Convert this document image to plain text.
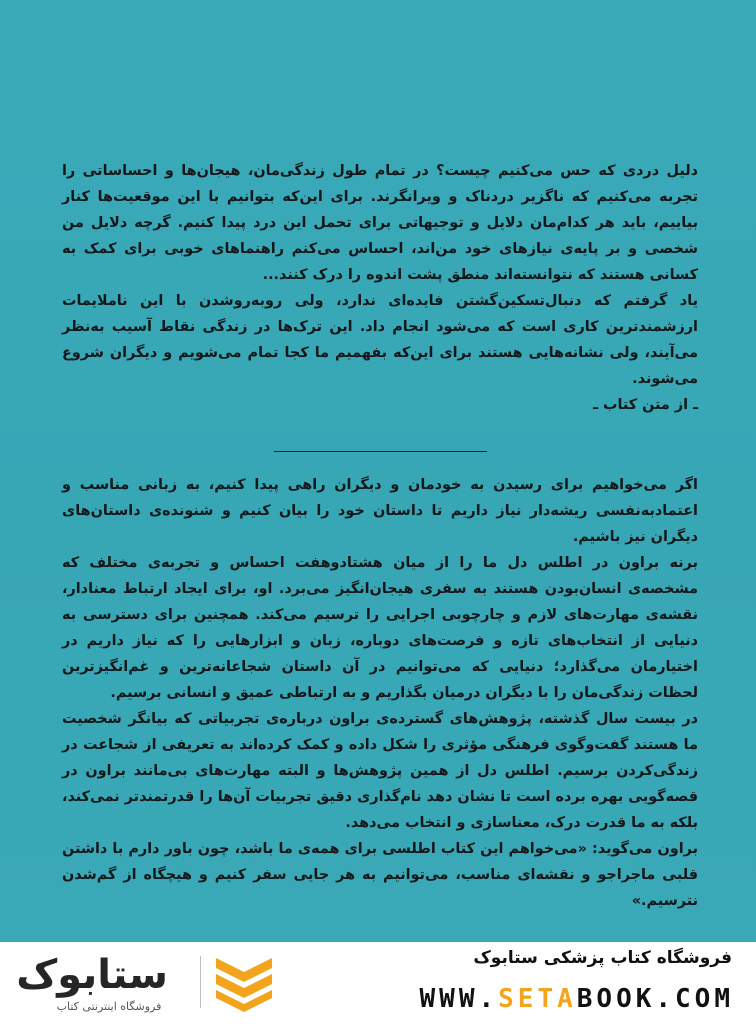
دلیل دردی که حس می‌کنیم چیست؟ در تمام طول زندگی‌مان، هیجان‌ها و احساساتی را تجربه می‌کنیم که ناگزیر دردناک و ویرانگرند. برای این‌که بتوانیم با این موقعیت‌ها کنار بیاییم، باید هر کدام‌مان دلایل و توجیهاتی برای تحمل این درد پیدا کنیم. گرچه دلایل من شخصی و بر پایه‌ی نیازهای خود من‌اند، احساس می‌کنم راهنماهای خوبی برای کمک به کسانی هستند که نتوانسته‌اند منطق پشت اندوه را درک کنند...

یاد گرفتم که دنبال‌تسکین‌گشتن فایده‌ای ندارد، ولی روبه‌روشدن با این ناملایمات ارزشمندترین کاری است که می‌شود انجام داد. این ترک‌ها در زندگی نقاط آسیب به‌نظر می‌آیند، ولی نشانه‌هایی هستند برای این‌که بفهمیم ما کجا تمام می‌شویم و دیگران شروع می‌شوند.

ـ از متن کتاب ـ

اگر می‌خواهیم برای رسیدن به خودمان و دیگران راهی پیدا کنیم، به زبانی مناسب و اعتمادبه‌نفسی ریشه‌دار نیاز داریم تا داستان خود را بیان کنیم و شنونده‌ی داستان‌های دیگران نیز باشیم.

برنه براون در اطلس دل ما را از میان هشتادوهفت احساس و تجربه‌ی مختلف که مشخصه‌ی انسان‌بودن هستند به سفری هیجان‌انگیز می‌برد. او، برای ایجاد ارتباط معنادار، نقشه‌ی مهارت‌های لازم و چارچوبی اجرایی را ترسیم می‌کند. همچنین برای دسترسی به دنیایی از انتخاب‌های تازه و فرصت‌های دوباره، زبان و ابزارهایی را که نیاز داریم در اختیارمان می‌گذارد؛ دنیایی که می‌توانیم در آن داستان شجاعانه‌ترین و غم‌انگیزترین لحظات زندگی‌مان را با دیگران درمیان بگذاریم و به ارتباطی عمیق و انسانی برسیم.

در بیست سال گذشته، پژوهش‌های گسترده‌ی براون درباره‌ی تجربیاتی که بیانگر شخصیت ما هستند گفت‌وگوی فرهنگی مؤثری را شکل داده و کمک کرده‌اند به تعریفی از شجاعت در زندگی‌کردن برسیم. اطلس دل از همین پژوهش‌ها و البته مهارت‌های بی‌مانند براون در قصه‌گویی بهره برده است تا نشان دهد نام‌گذاری دقیق تجربیات آن‌ها را قدرتمندتر نمی‌کند، بلکه به ما قدرت درک، معناسازی و انتخاب می‌دهد.

براون می‌گوید: «می‌خواهم این کتاب اطلسی برای همه‌ی ما باشد، چون باور دارم با داشتن قلبی ماجراجو و نقشه‌ای مناسب، می‌توانیم به هر جایی سفر کنیم و هیچگاه از گم‌شدن نترسیم.»

ستابوک
فروشگاه اینترنتی کتاب
فروشگاه کتاب پزشکی ستابوک
WWW.SETABOOK.COM
